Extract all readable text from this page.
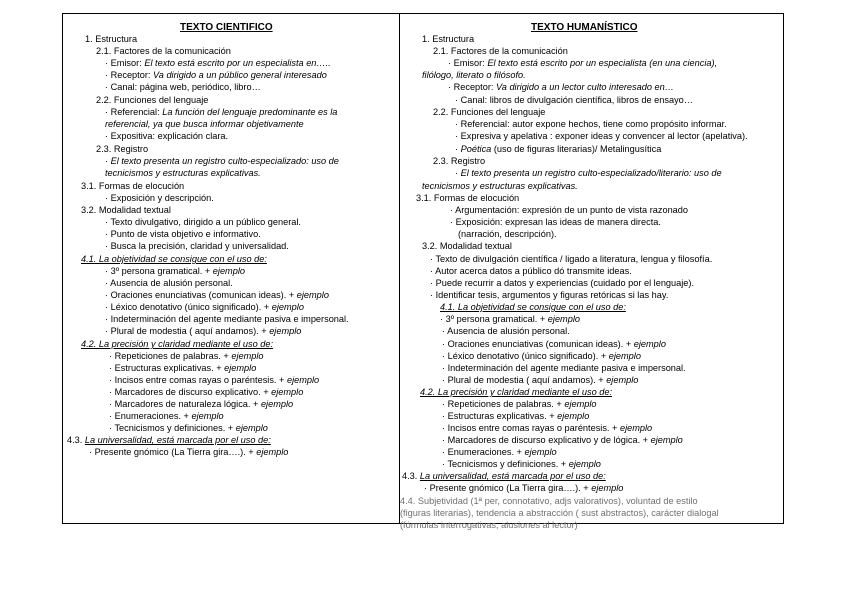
TEXTO CIENTIFICO
1. Estructura
2.1. Factores de la comunicación
· Emisor: El texto está escrito por un especialista en…..
· Receptor: Va dirigido a un público general interesado
· Canal: página web, periódico, libro…
2.2. Funciones del lenguaje
· Referencial: La función del lenguaje predominante es la
referencial, ya que busca informar objetivamente
· Expositiva: explicación clara.
2.3. Registro
· El texto presenta un registro culto-especializado: uso de
tecnicismos y estructuras explicativas.
3.1. Formas de elocución
· Exposición y descripción.
3.2. Modalidad textual
· Texto divulgativo, dirigido a un público general.
· Punto de vista objetivo e informativo.
· Busca la precisión, claridad y universalidad.
4.1. La objetividad se consigue con el uso de:
· 3º persona gramatical. + ejemplo
· Ausencia de alusión personal.
· Oraciones enunciativas (comunican ideas). + ejemplo
· Léxico denotativo (único significado). + ejemplo
· Indeterminación del agente mediante pasiva e impersonal.
· Plural de modestia ( aquí andamos). + ejemplo
4.2. La precisión y claridad mediante el uso de:
· Repeticiones de palabras. + ejemplo
· Estructuras explicativas. + ejemplo
· Incisos entre comas rayas o paréntesis. + ejemplo
· Marcadores de discurso explicativo. + ejemplo
· Marcadores de naturaleza lógica. + ejemplo
· Enumeraciones. + ejemplo
· Tecnicismos y definiciones. + ejemplo
4.3. La universalidad, está marcada por el uso de:
· Presente gnómico (La Tierra gira….). + ejemplo
TEXTO HUMANÍSTICO
1. Estructura
2.1. Factores de la comunicación
· Emisor: El texto está escrito por un especialista (en una ciencia),
filólogo, literato o filósofo.
· Receptor: Va dirigido a un lector culto interesado en…
· Canal: libros de divulgación científica, libros de ensayo…
2.2. Funciones del lenguaje
· Referencial: autor expone hechos, tiene como propósito informar.
· Expresiva y apelativa : exponer ideas y convencer al lector (apelativa).
· Poética (uso de figuras literarias)/ Metalingusítica
2.3. Registro
· El texto presenta un registro culto-especializado/literario: uso de
tecnicismos y estructuras explicativas.
3.1. Formas de elocución
· Argumentación: expresión de un punto de vista razonado
· Exposición: expresan las ideas de manera directa.
(narración, descripción).
3.2. Modalidad textual
· Texto de divulgación científica / ligado a literatura, lengua y filosofía.
· Autor acerca datos a público dó transmite ideas.
· Puede recurrir a datos y experiencias (cuidado por el lenguaje).
· Identificar tesis, argumentos y figuras retóricas si las hay.
4.1. La objetividad se consigue con el uso de:
· 3º persona gramatical. + ejemplo
· Ausencia de alusión personal.
· Oraciones enunciativas (comunican ideas). + ejemplo
· Léxico denotativo (único significado). + ejemplo
· Indeterminación del agente mediante pasiva e impersonal.
· Plural de modestia ( aquí andamos). + ejemplo
4.2. La precisión y claridad mediante el uso de:
· Repeticiones de palabras. + ejemplo
· Estructuras explicativas. + ejemplo
· Incisos entre comas rayas o paréntesis. + ejemplo
· Marcadores de discurso explicativo y de lógica. + ejemplo
· Enumeraciones. + ejemplo
· Tecnicismos y definiciones. + ejemplo
4.3. La universalidad, está marcada por el uso de:
· Presente gnómico (La Tierra gira….). + ejemplo
4.4. Subjetividad (1ª per, connotativo, adjs valorativos), voluntad de estilo
(figuras literarias), tendencia a abstracción ( sust abstractos), carácter dialogal
(fórmulas interrogativas, alusiones al lector)
